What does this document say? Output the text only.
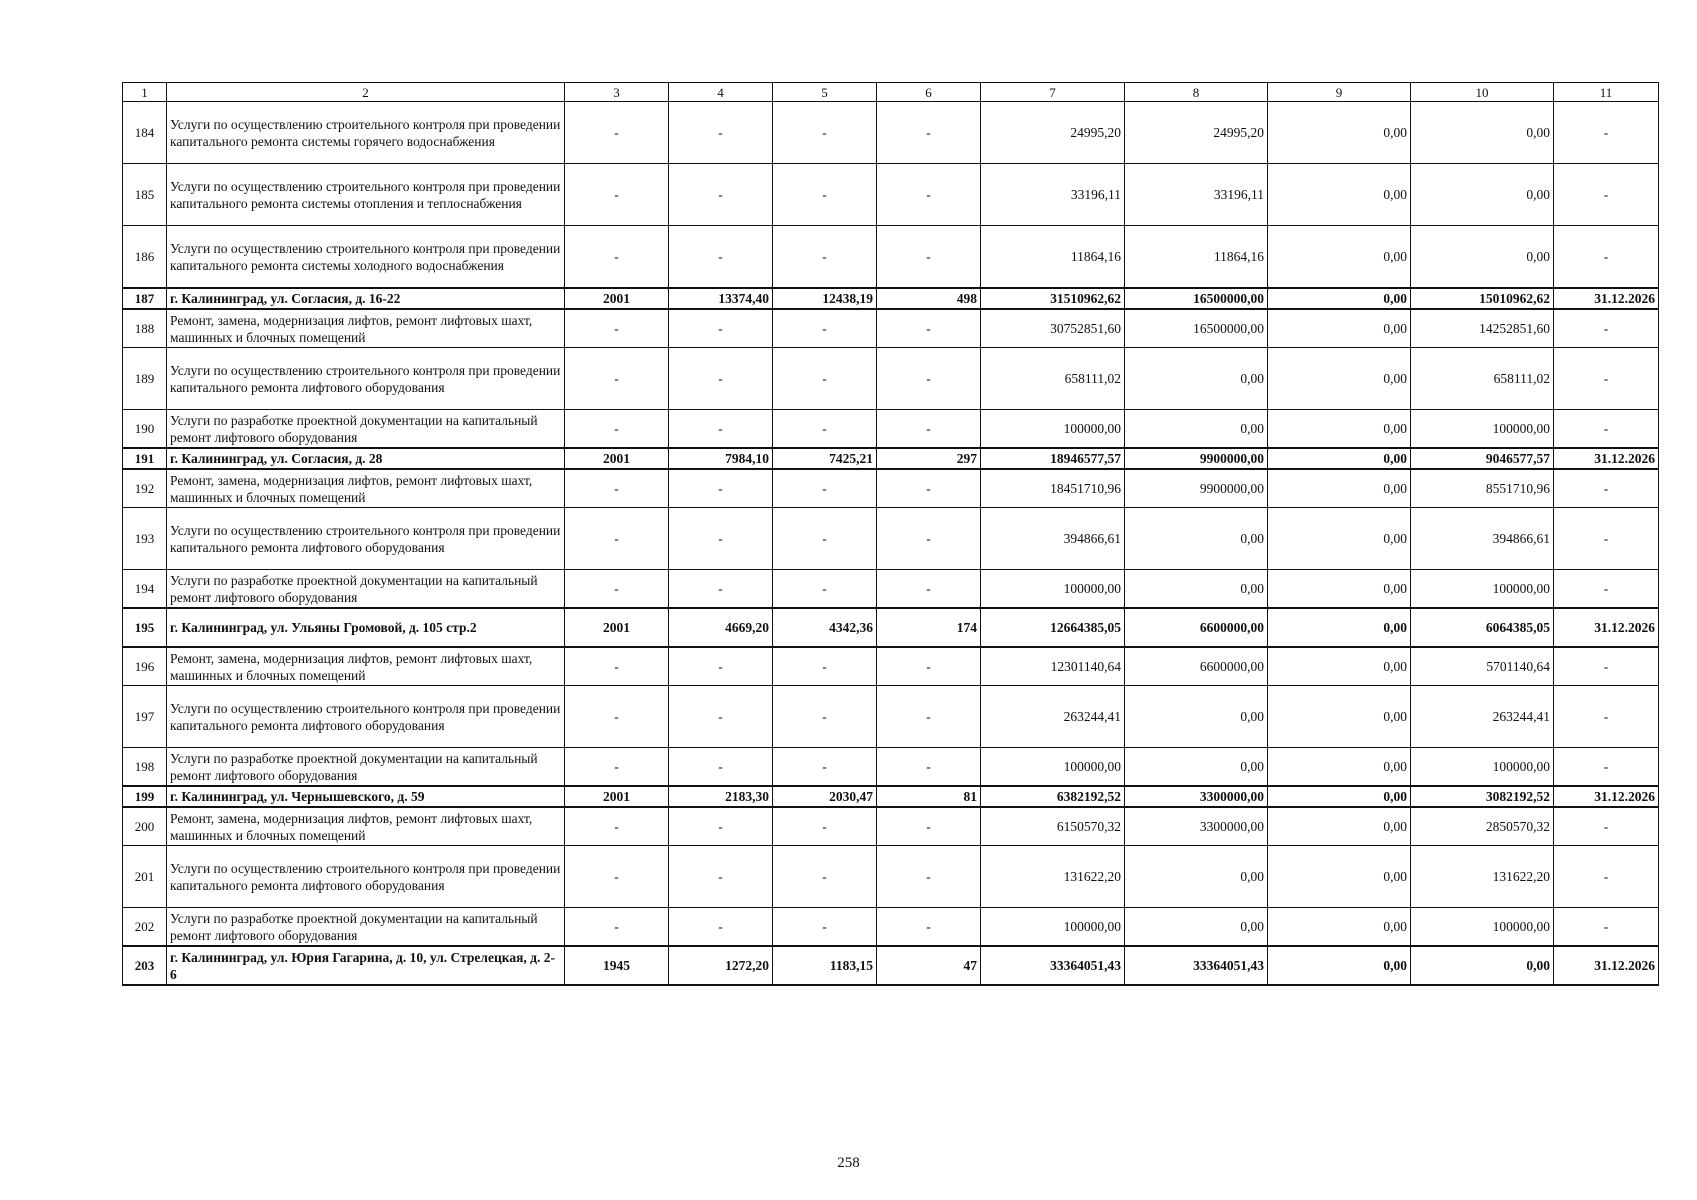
1	2	3	4	5	6	7	8	9	10	11
184	Услуги по осуществлению строительного контроля при проведении капитального ремонта системы горячего водоснабжения	-	-	-	-	24995,20	24995,20	0,00	0,00	-
185	Услуги по осуществлению строительного контроля при проведении капитального ремонта системы отопления и теплоснабжения	-	-	-	-	33196,11	33196,11	0,00	0,00	-
186	Услуги по осуществлению строительного контроля при проведении капитального ремонта системы холодного водоснабжения	-	-	-	-	11864,16	11864,16	0,00	0,00	-
187	г. Калининград, ул. Согласия, д. 16-22	2001	13374,40	12438,19	498	31510962,62	16500000,00	0,00	15010962,62	31.12.2026
188	Ремонт, замена, модернизация лифтов, ремонт лифтовых шахт, машинных и блочных помещений	-	-	-	-	30752851,60	16500000,00	0,00	14252851,60	-
189	Услуги по осуществлению строительного контроля при проведении капитального ремонта лифтового оборудования	-	-	-	-	658111,02	0,00	0,00	658111,02	-
190	Услуги по разработке проектной документации на капитальный ремонт лифтового оборудования	-	-	-	-	100000,00	0,00	0,00	100000,00	-
191	г. Калининград, ул. Согласия, д. 28	2001	7984,10	7425,21	297	18946577,57	9900000,00	0,00	9046577,57	31.12.2026
192	Ремонт, замена, модернизация лифтов, ремонт лифтовых шахт, машинных и блочных помещений	-	-	-	-	18451710,96	9900000,00	0,00	8551710,96	-
193	Услуги по осуществлению строительного контроля при проведении капитального ремонта лифтового оборудования	-	-	-	-	394866,61	0,00	0,00	394866,61	-
194	Услуги по разработке проектной документации на капитальный ремонт лифтового оборудования	-	-	-	-	100000,00	0,00	0,00	100000,00	-
195	г. Калининград, ул. Ульяны Громовой, д. 105 стр.2	2001	4669,20	4342,36	174	12664385,05	6600000,00	0,00	6064385,05	31.12.2026
196	Ремонт, замена, модернизация лифтов, ремонт лифтовых шахт, машинных и блочных помещений	-	-	-	-	12301140,64	6600000,00	0,00	5701140,64	-
197	Услуги по осуществлению строительного контроля при проведении капитального ремонта лифтового оборудования	-	-	-	-	263244,41	0,00	0,00	263244,41	-
198	Услуги по разработке проектной документации на капитальный ремонт лифтового оборудования	-	-	-	-	100000,00	0,00	0,00	100000,00	-
199	г. Калининград, ул. Чернышевского, д. 59	2001	2183,30	2030,47	81	6382192,52	3300000,00	0,00	3082192,52	31.12.2026
200	Ремонт, замена, модернизация лифтов, ремонт лифтовых шахт, машинных и блочных помещений	-	-	-	-	6150570,32	3300000,00	0,00	2850570,32	-
201	Услуги по осуществлению строительного контроля при проведении капитального ремонта лифтового оборудования	-	-	-	-	131622,20	0,00	0,00	131622,20	-
202	Услуги по разработке проектной документации на капитальный ремонт лифтового оборудования	-	-	-	-	100000,00	0,00	0,00	100000,00	-
203	г. Калининград, ул. Юрия Гагарина, д. 10, ул. Стрелецкая, д. 2-6	1945	1272,20	1183,15	47	33364051,43	33364051,43	0,00	0,00	31.12.2026
258
